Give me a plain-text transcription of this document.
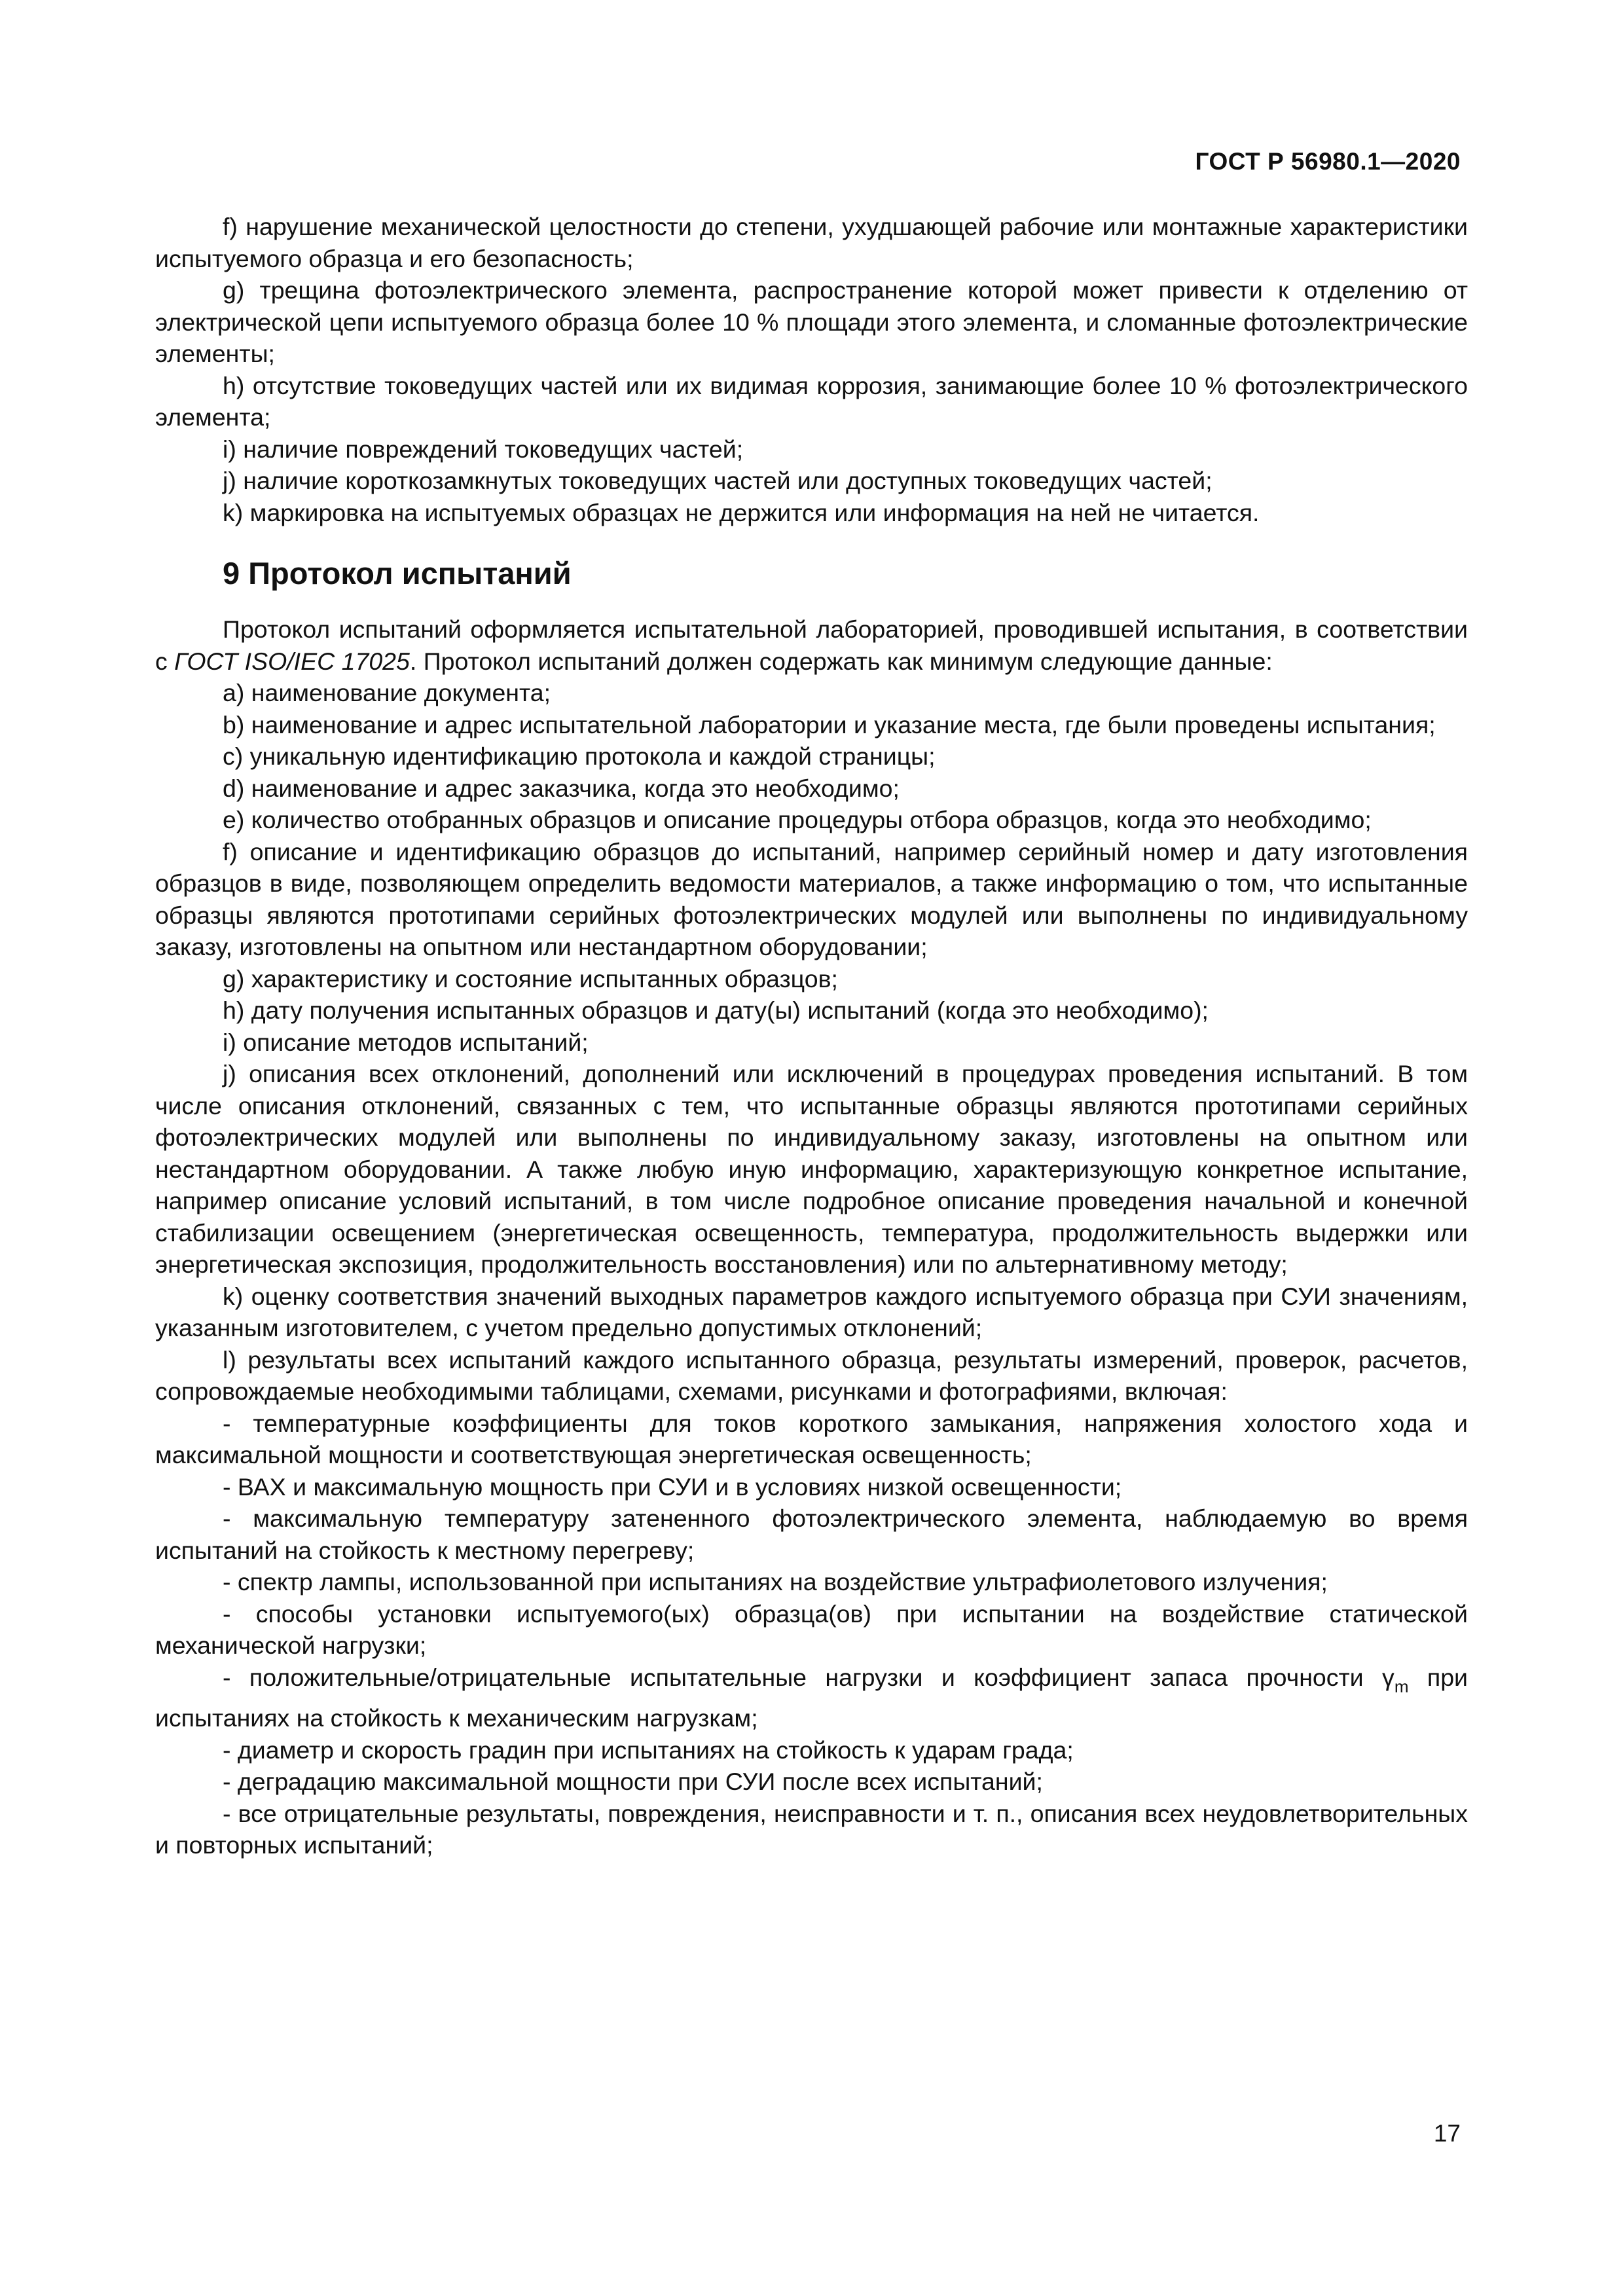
ГОСТ Р 56980.1—2020

f) нарушение механической целостности до степени, ухудшающей рабочие или монтажные характеристики испытуемого образца и его безопасность;

g) трещина фотоэлектрического элемента, распространение которой может привести к отделению от электрической цепи испытуемого образца более 10 % площади этого элемента, и сломанные фотоэлектрические элементы;

h) отсутствие токоведущих частей или их видимая коррозия, занимающие более 10 % фотоэлектрического элемента;

i) наличие повреждений токоведущих частей;

j) наличие короткозамкнутых токоведущих частей или доступных токоведущих частей;

k) маркировка на испытуемых образцах не держится или информация на ней не читается.

9 Протокол испытаний

Протокол испытаний оформляется испытательной лабораторией, проводившей испытания, в соответствии с ГОСТ ISO/IEC 17025. Протокол испытаний должен содержать как минимум следующие данные:

a) наименование документа;

b) наименование и адрес испытательной лаборатории и указание места, где были проведены испытания;

c) уникальную идентификацию протокола и каждой страницы;

d) наименование и адрес заказчика, когда это необходимо;

e) количество отобранных образцов и описание процедуры отбора образцов, когда это необходимо;

f) описание и идентификацию образцов до испытаний, например серийный номер и дату изготовления образцов в виде, позволяющем определить ведомости материалов, а также информацию о том, что испытанные образцы являются прототипами серийных фотоэлектрических модулей или выполнены по индивидуальному заказу, изготовлены на опытном или нестандартном оборудовании;

g) характеристику и состояние испытанных образцов;

h) дату получения испытанных образцов и дату(ы) испытаний (когда это необходимо);

i) описание методов испытаний;

j) описания всех отклонений, дополнений или исключений в процедурах проведения испытаний. В том числе описания отклонений, связанных с тем, что испытанные образцы являются прототипами серийных фотоэлектрических модулей или выполнены по индивидуальному заказу, изготовлены на опытном или нестандартном оборудовании. А также любую иную информацию, характеризующую конкретное испытание, например описание условий испытаний, в том числе подробное описание проведения начальной и конечной стабилизации освещением (энергетическая освещенность, температура, продолжительность выдержки или энергетическая экспозиция, продолжительность восстановления) или по альтернативному методу;

k) оценку соответствия значений выходных параметров каждого испытуемого образца при СУИ значениям, указанным изготовителем, с учетом предельно допустимых отклонений;

l) результаты всех испытаний каждого испытанного образца, результаты измерений, проверок, расчетов, сопровождаемые необходимыми таблицами, схемами, рисунками и фотографиями, включая:

- температурные коэффициенты для токов короткого замыкания, напряжения холостого хода и максимальной мощности и соответствующая энергетическая освещенность;

- ВАХ и максимальную мощность при СУИ и в условиях низкой освещенности;

- максимальную температуру затененного фотоэлектрического элемента, наблюдаемую во время испытаний на стойкость к местному перегреву;

- спектр лампы, использованной при испытаниях на воздействие ультрафиолетового излучения;

- способы установки испытуемого(ых) образца(ов) при испытании на воздействие статической механической нагрузки;

- положительные/отрицательные испытательные нагрузки и коэффициент запаса прочности $\gamma_m$ при испытаниях на стойкость к механическим нагрузкам;

- диаметр и скорость градин при испытаниях на стойкость к ударам града;

- деградацию максимальной мощности при СУИ после всех испытаний;

- все отрицательные результаты, повреждения, неисправности и т. п., описания всех неудовлетворительных и повторных испытаний;

17
